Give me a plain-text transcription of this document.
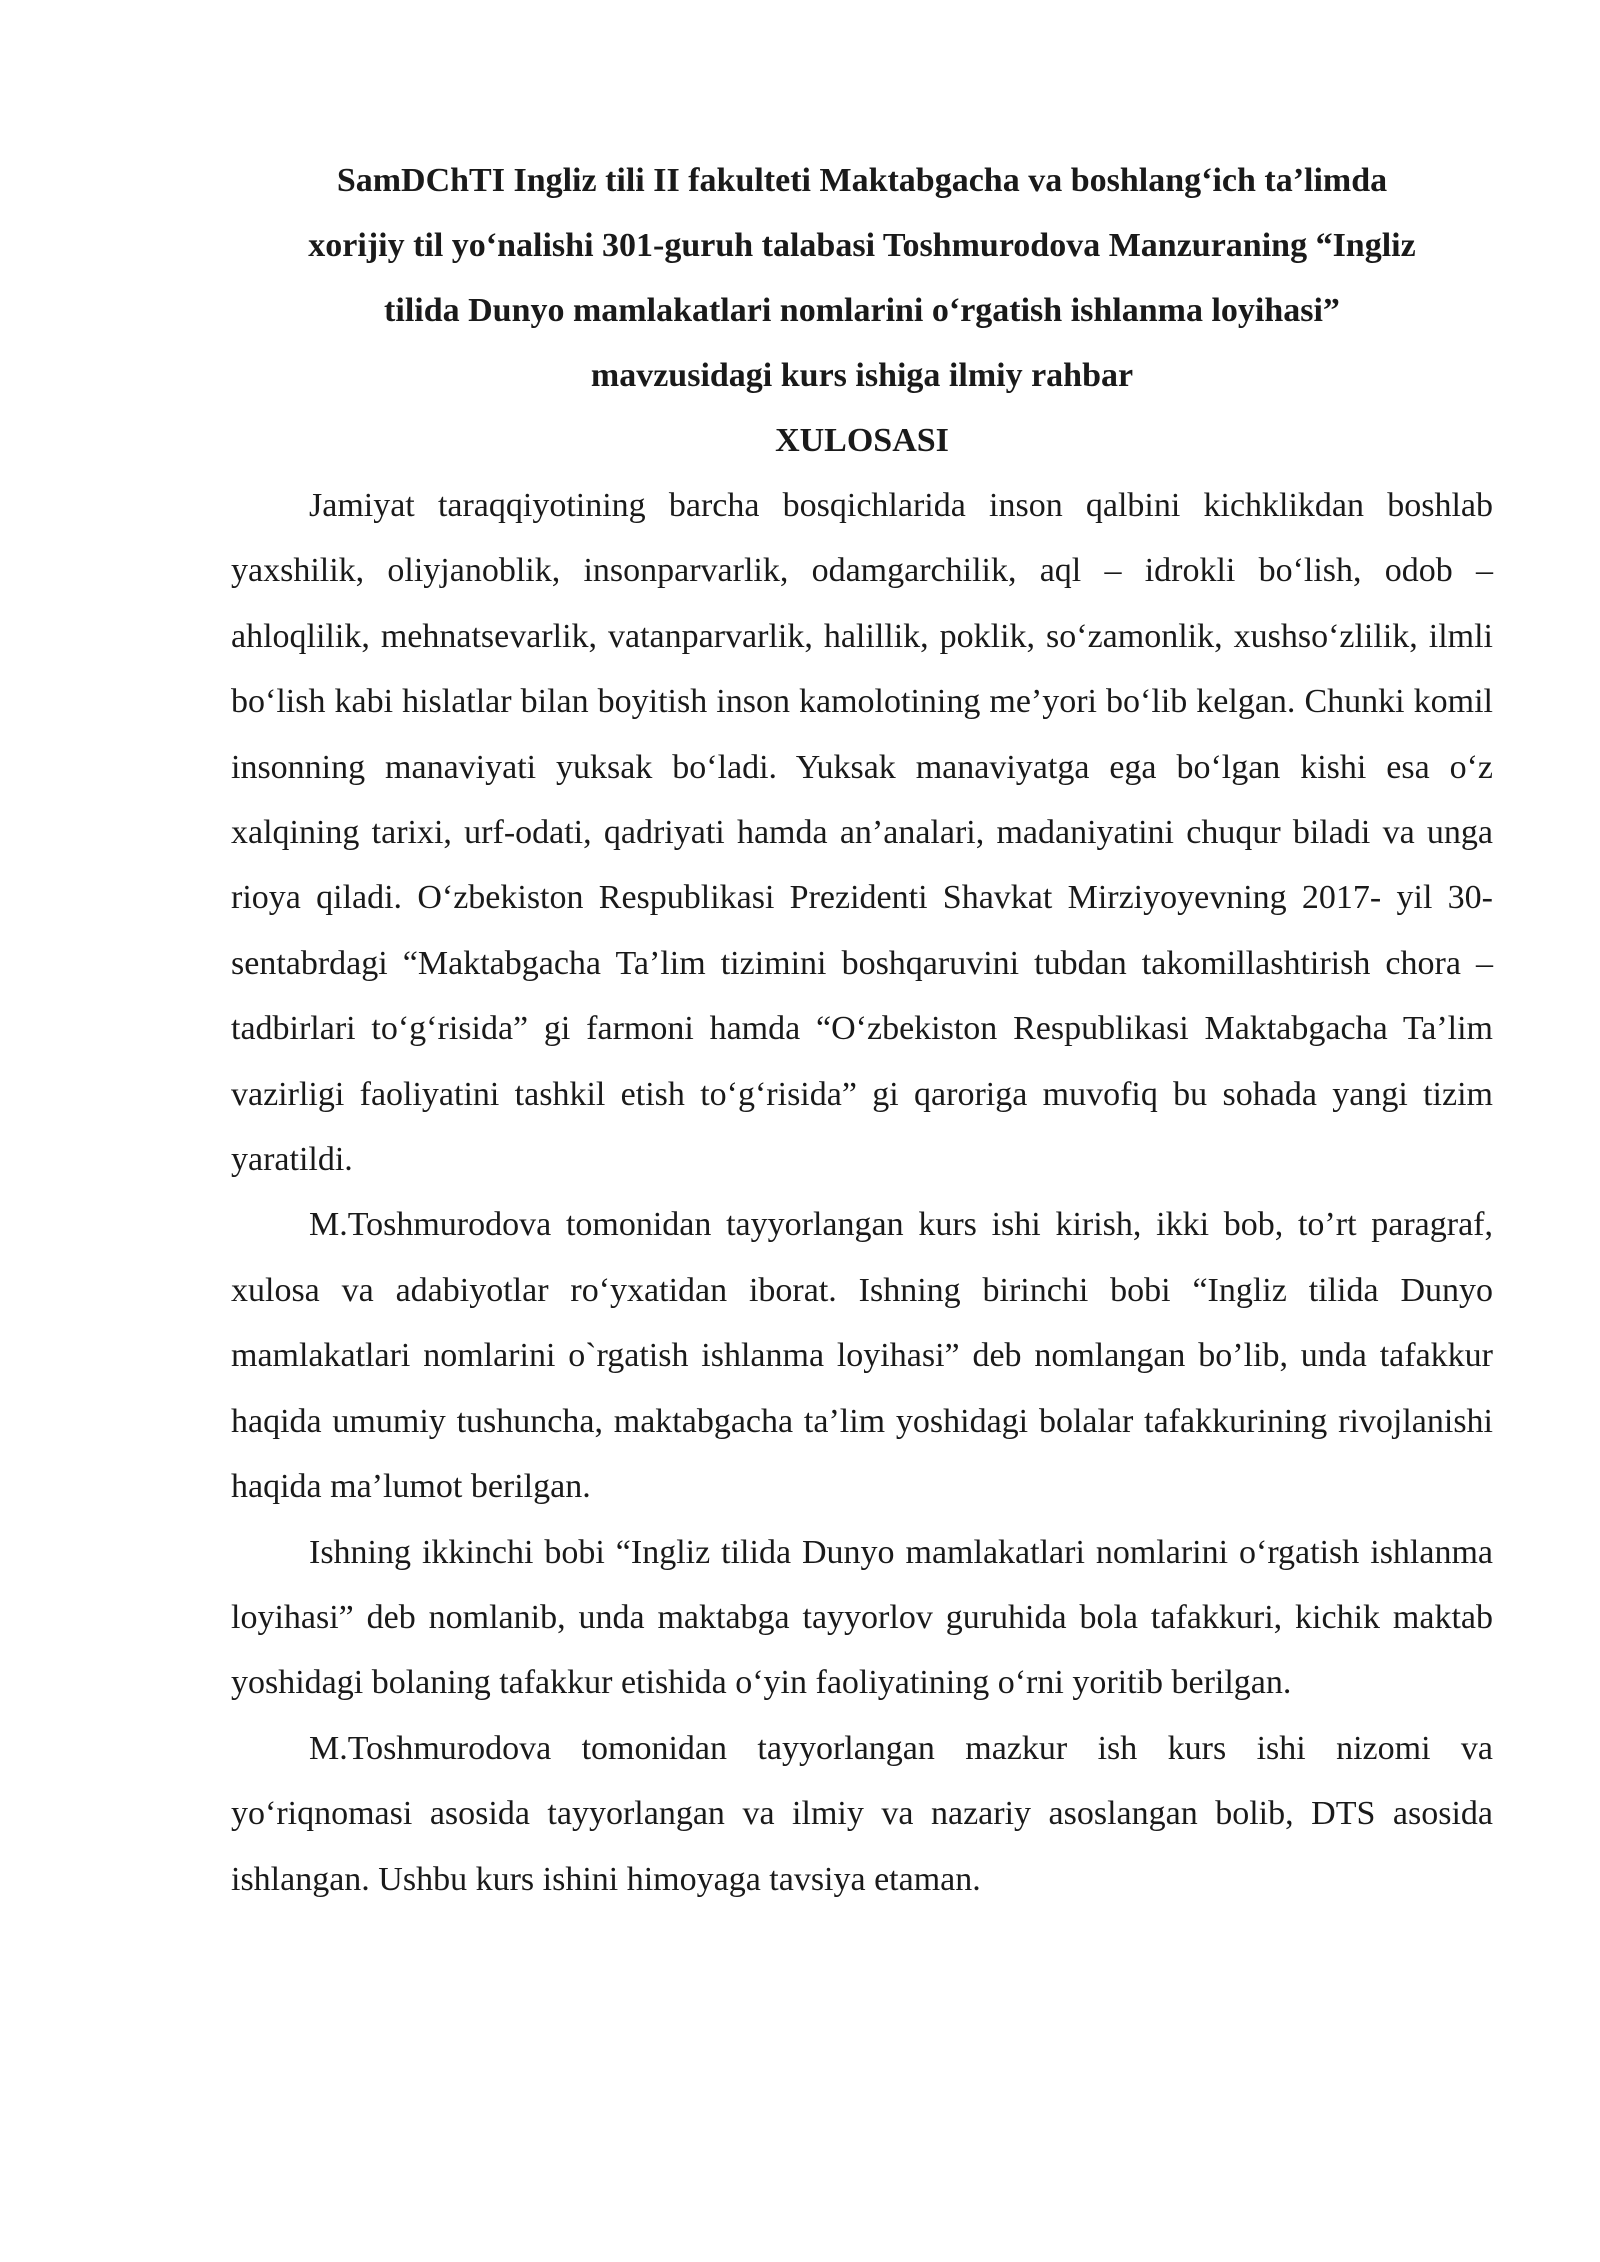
SamDChTI Ingliz tili II fakulteti Maktabgacha va boshlang‘ich ta’limda
xorijiy til yo‘nalishi 301-guruh talabasi Toshmurodova Manzuraning “Ingliz
tilida Dunyo mamlakatlari nomlarini o‘rgatish ishlanma loyihasi”
mavzusidagi kurs ishiga ilmiy rahbar
XULOSASI

Jamiyat taraqqiyotining barcha bosqichlarida inson qalbini kichklikdan boshlab yaxshilik, oliyjanoblik, insonparvarlik, odamgarchilik, aql – idrokli bo‘lish, odob – ahloqlilik, mehnatsevarlik, vatanparvarlik, halillik, poklik, so‘zamonlik, xushso‘zlilik, ilmli bo‘lish kabi hislatlar bilan boyitish inson kamolotining me’yori bo‘lib kelgan. Chunki komil insonning manaviyati yuksak bo‘ladi. Yuksak manaviyatga ega bo‘lgan kishi esa o‘z xalqining tarixi, urf-odati, qadriyati hamda an’analari, madaniyatini chuqur biladi va unga rioya qiladi. O‘zbekiston Respublikasi Prezidenti Shavkat Mirziyoyevning 2017- yil 30-sentabrdagi “Maktabgacha Ta’lim tizimini boshqaruvini tubdan takomillashtirish chora – tadbirlari to‘g‘risida” gi farmoni hamda “O‘zbekiston Respublikasi Maktabgacha Ta’lim vazirligi faoliyatini tashkil etish to‘g‘risida” gi qaroriga muvofiq bu sohada yangi tizim yaratildi.

M.Toshmurodova tomonidan tayyorlangan kurs ishi kirish, ikki bob, to’rt paragraf, xulosa va adabiyotlar ro‘yxatidan iborat. Ishning birinchi bobi “Ingliz tilida Dunyo mamlakatlari nomlarini o`rgatish ishlanma loyihasi” deb nomlangan bo’lib, unda tafakkur haqida umumiy tushuncha, maktabgacha ta’lim yoshidagi bolalar tafakkurining rivojlanishi haqida ma’lumot berilgan.

Ishning ikkinchi bobi “Ingliz tilida Dunyo mamlakatlari nomlarini o‘rgatish ishlanma loyihasi” deb nomlanib, unda maktabga tayyorlov guruhida bola tafakkuri, kichik maktab yoshidagi bolaning tafakkur etishida o‘yin faoliyatining o‘rni yoritib berilgan.

M.Toshmurodova tomonidan tayyorlangan mazkur ish kurs ishi nizomi va yo‘riqnomasi asosida tayyorlangan va ilmiy va nazariy asoslangan bolib, DTS asosida ishlangan. Ushbu kurs ishini himoyaga tavsiya etaman.
